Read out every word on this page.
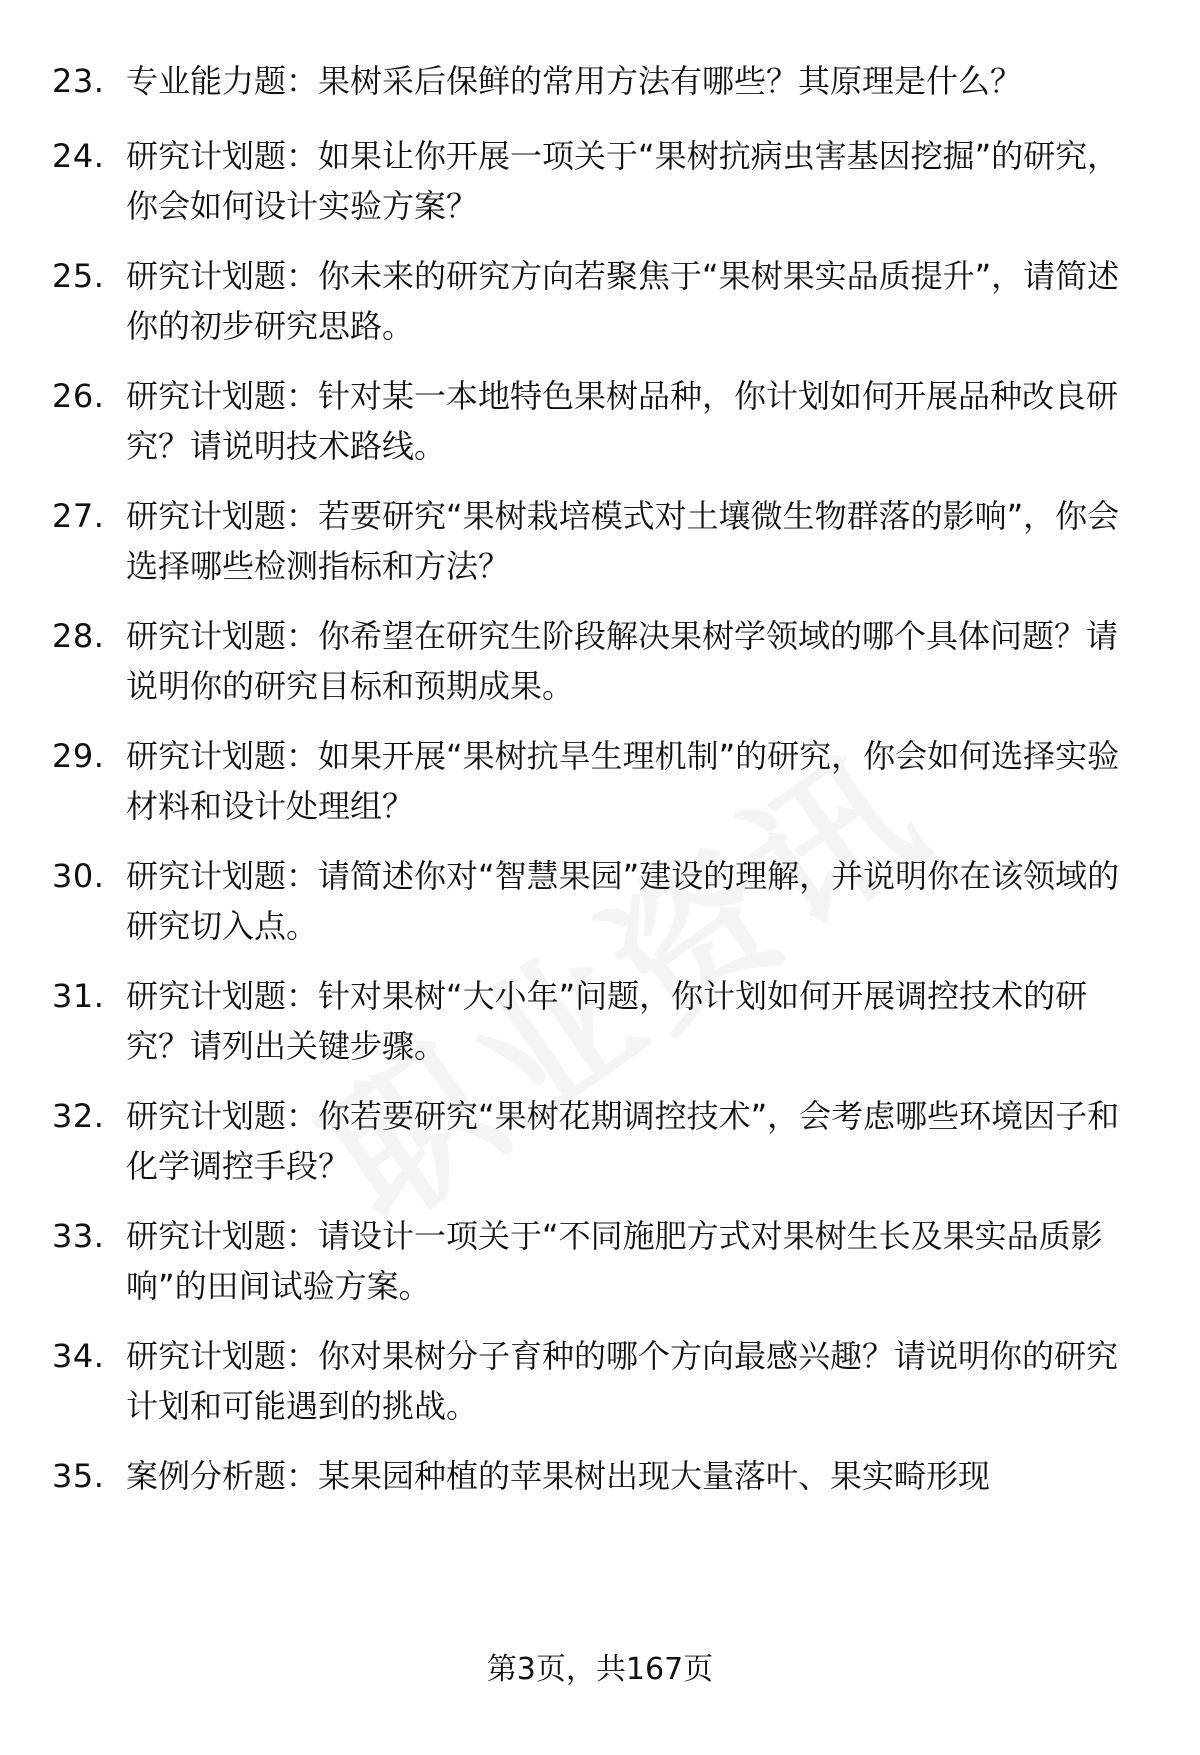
23. 专业能力题：果树采后保鲜的常用方法有哪些？其原理是什么？
24. 研究计划题：如果让你开展一项关于“果树抗病虫害基因挖掘”的研究，你会如何设计实验方案？
25. 研究计划题：你未来的研究方向若聚焦于“果树果实品质提升”，请简述你的初步研究思路。
26. 研究计划题：针对某一本地特色果树品种，你计划如何开展品种改良研究？请说明技术路线。
27. 研究计划题：若要研究“果树栽培模式对土壤微生物群落的影响”，你会选择哪些检测指标和方法？
28. 研究计划题：你希望在研究生阶段解决果树学领域的哪个具体问题？请说明你的研究目标和预期成果。
29. 研究计划题：如果开展“果树抗旱生理机制”的研究，你会如何选择实验材料和设计处理组？
30. 研究计划题：请简述你对“智慧果园”建设的理解，并说明你在该领域的研究切入点。
31. 研究计划题：针对果树“大小年”问题，你计划如何开展调控技术的研究？请列出关键步骤。
32. 研究计划题：你若要研究“果树花期调控技术”，会考虑哪些环境因子和化学调控手段？
33. 研究计划题：请设计一项关于“不同施肥方式对果树生长及果实品质影响”的田间试验方案。
34. 研究计划题：你对果树分子育种的哪个方向最感兴趣？请说明你的研究计划和可能遇到的挑战。
35. 案例分析题：某果园种植的苹果树出现大量落叶、果实畸形现
第3页，共167页
